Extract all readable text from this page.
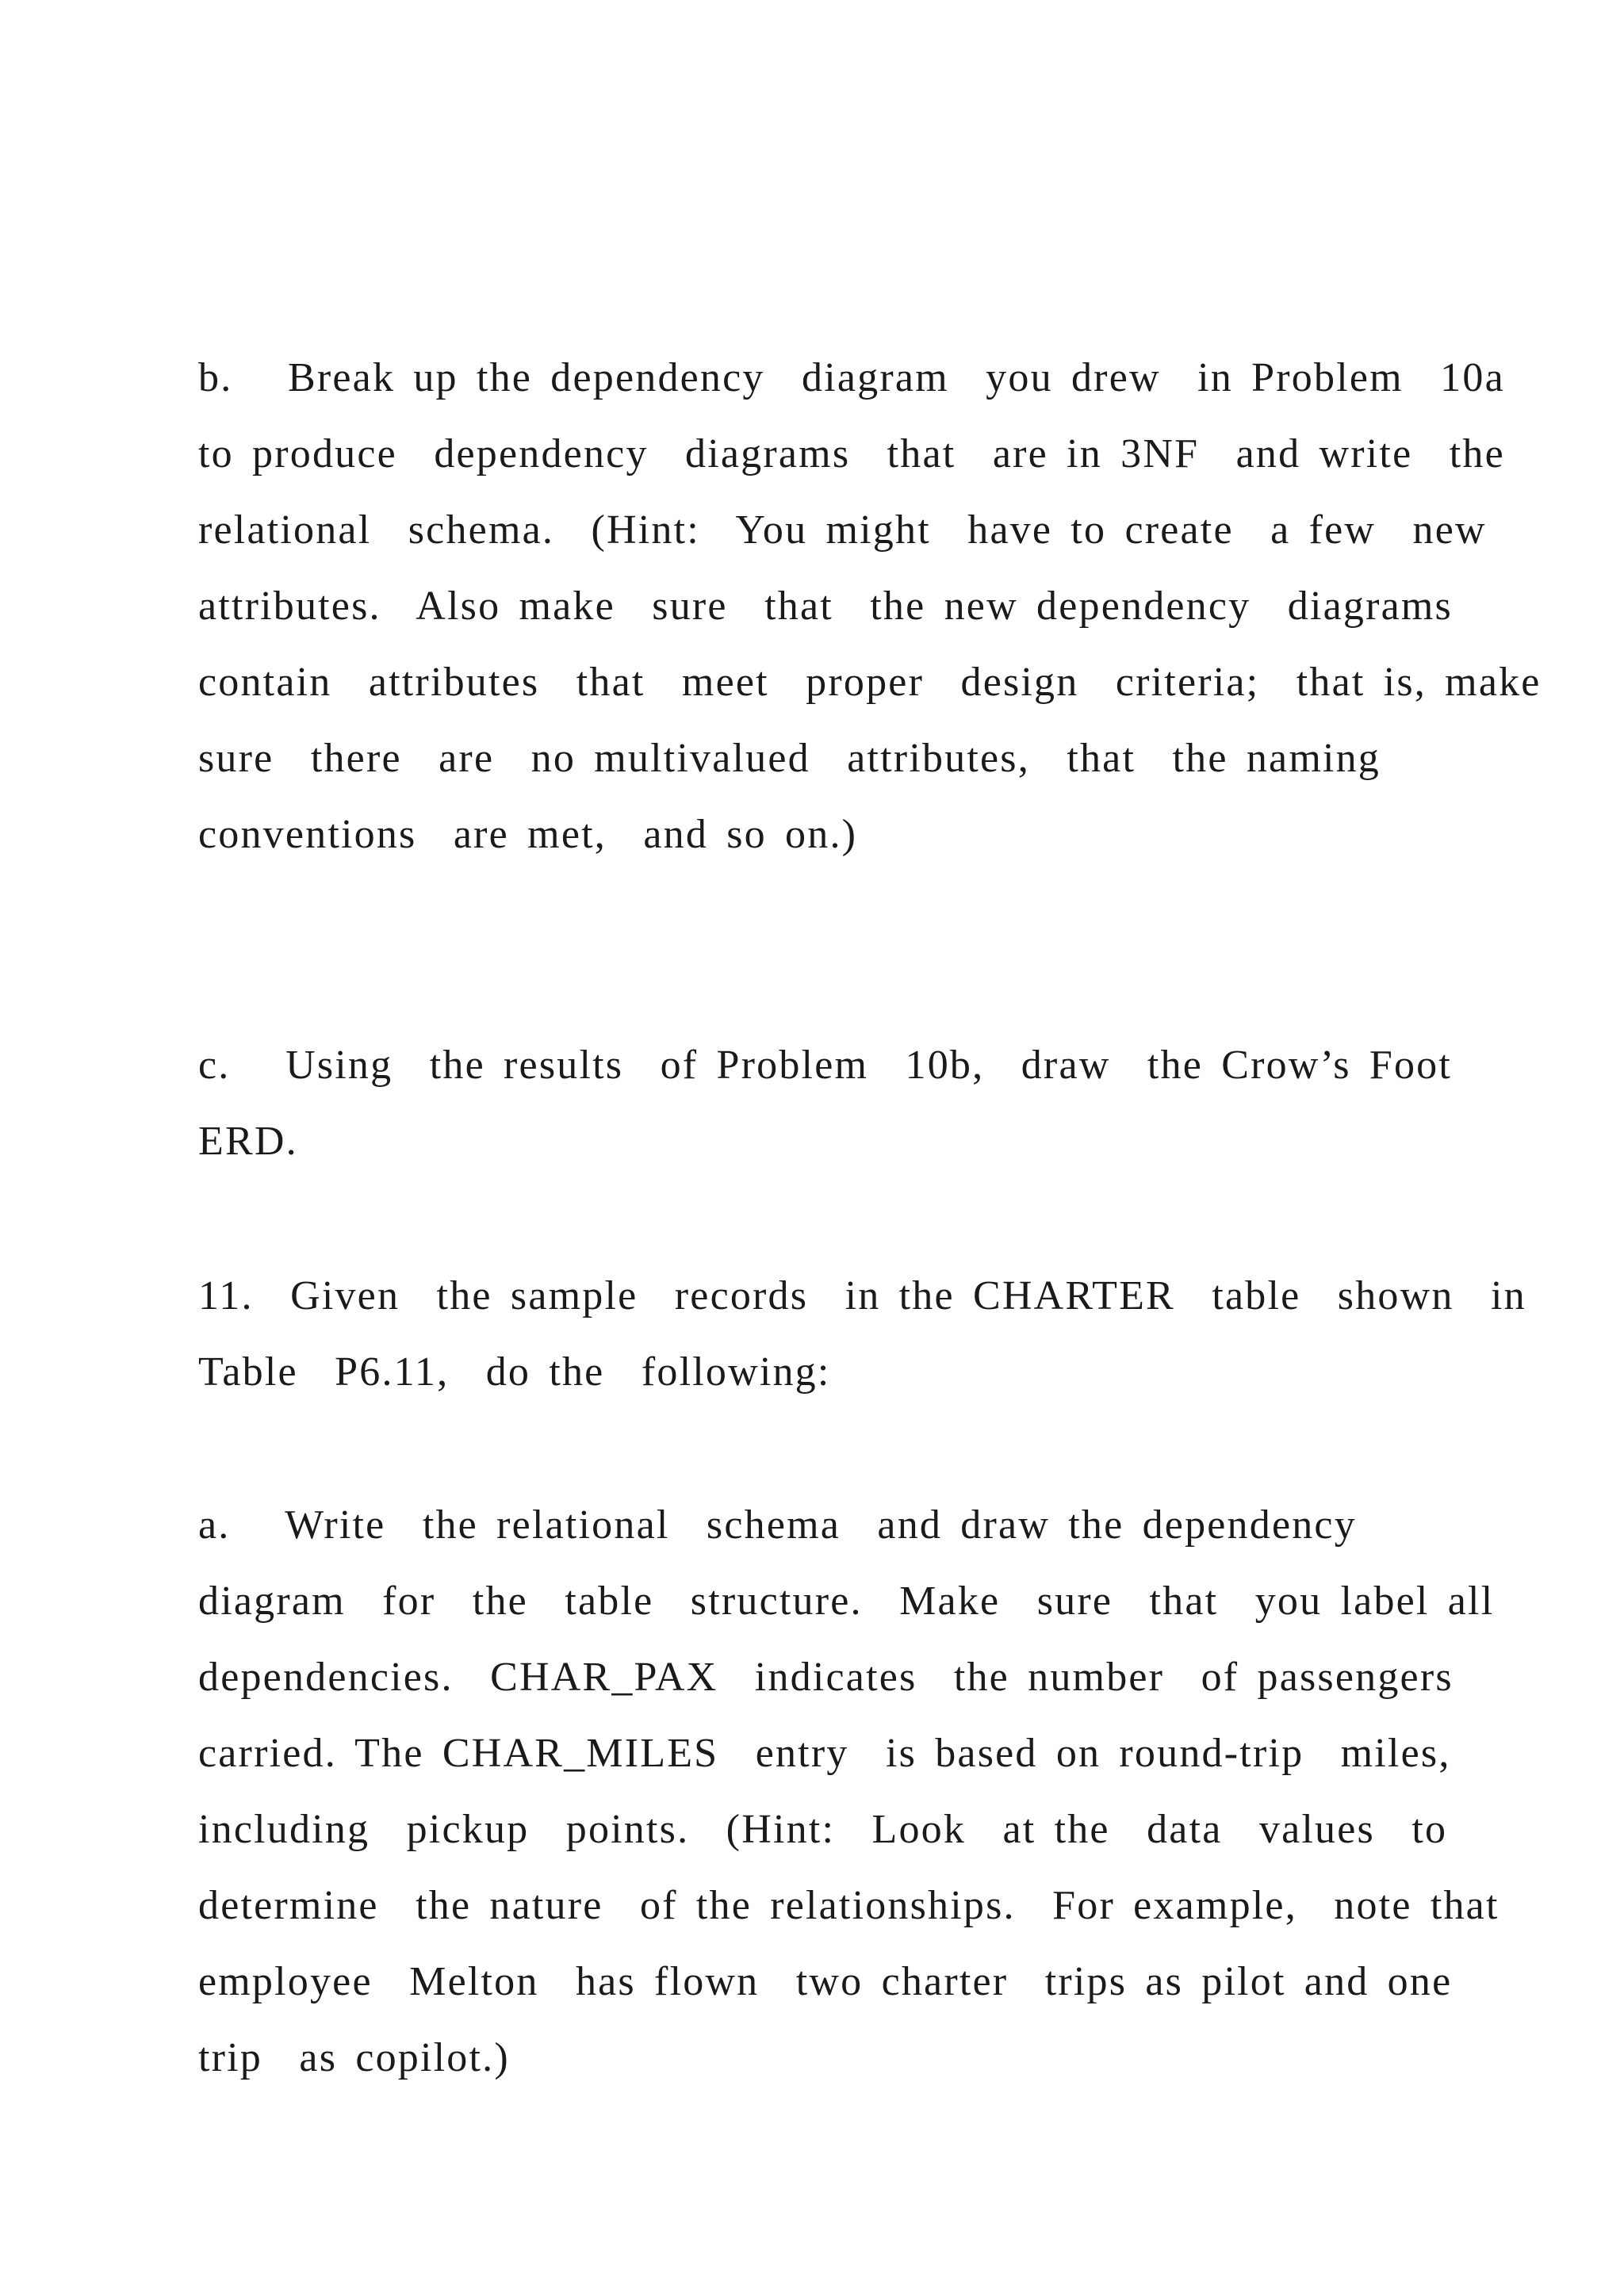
b.   Break up the dependency  diagram  you drew  in Problem  10a
to produce  dependency  diagrams  that  are in 3NF  and write  the
relational  schema.  (Hint:  You might  have to create  a few  new
attributes.  Also make  sure  that  the new dependency  diagrams
contain  attributes  that  meet  proper  design  criteria;  that is, make
sure  there  are  no multivalued  attributes,  that  the naming
conventions  are met,  and so on.)
c.   Using  the results  of Problem  10b,  draw  the Crow’s Foot
ERD.
11.  Given  the sample  records  in the CHARTER  table  shown  in
Table  P6.11,  do the  following:
a.   Write  the relational  schema  and draw the dependency
diagram  for  the  table  structure.  Make  sure  that  you label all
dependencies.  CHAR_PAX  indicates  the number  of passengers
carried. The CHAR_MILES  entry  is based on round-trip  miles,
including  pickup  points.  (Hint:  Look  at the  data  values  to
determine  the nature  of the relationships.  For example,  note that
employee  Melton  has flown  two charter  trips as pilot and one
trip  as copilot.)
